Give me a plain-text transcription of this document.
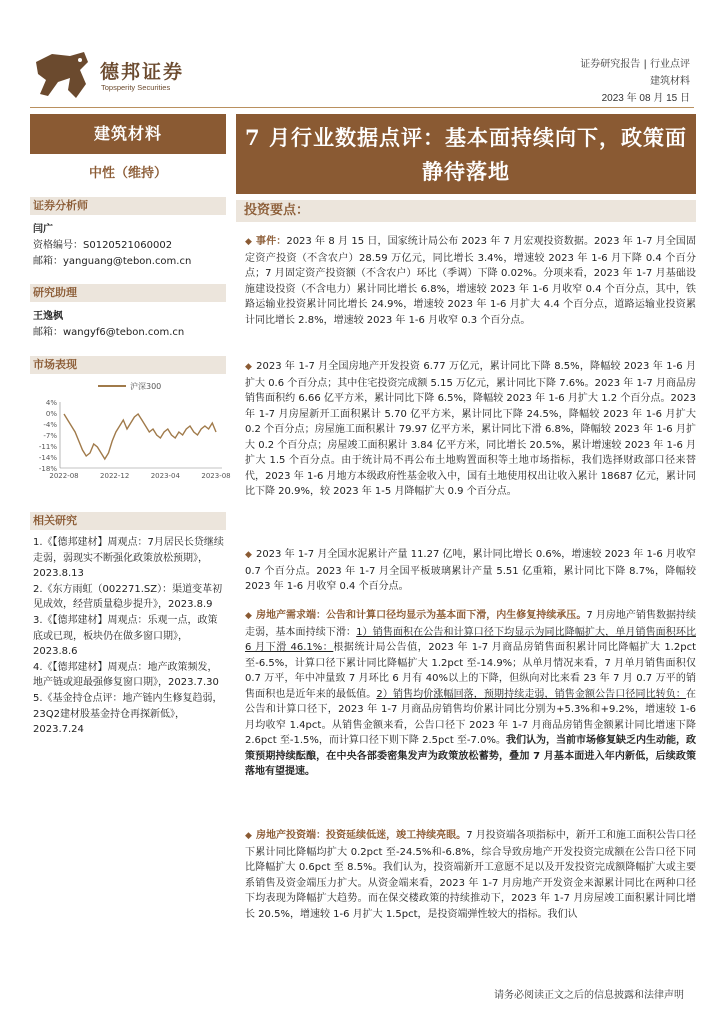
德邦证券
Topsperity Securities
证券研究报告 | 行业点评
建筑材料
2023 年 08 月 15 日
建筑材料
中性（维持）
证券分析师
闫广
资格编号：S0120521060002
邮箱：yanguang@tebon.com.cn
研究助理
王逸枫
邮箱：wangyf6@tebon.com.cn
市场表现
沪深300
4%
0%
-4%
-7%
-11%
-14%
-18%
2022-08	2022-12	2023-04	2023-08
相关研究
1.《【德邦建材】周观点：7月居民长贷继续走弱，弱现实不断强化政策放松预期》，2023.8.13
2.《东方雨虹（002271.SZ）：渠道变革初见成效，经营质量稳步提升》，2023.8.9
3.《【德邦建材】周观点：乐观一点，政策底或已现，板块仍在做多窗口期》，2023.8.6
4.《【德邦建材】周观点：地产政策频发，地产链或迎最强修复窗口期》，2023.7.30
5.《基金持仓点评：地产链内生修复趋弱，23Q2建材股基金持仓再探新低》，2023.7.24
7 月行业数据点评：基本面持续向下，政策面静待落地
投资要点：
◆ 事件：2023 年 8 月 15 日，国家统计局公布 2023 年 7 月宏观投资数据。2023 年 1-7 月全国固定资产投资（不含农户）28.59 万亿元，同比增长 3.4%，增速较 2023 年 1-6 月下降 0.4 个百分点；7 月固定资产投资额（不含农户）环比（季调）下降 0.02%。分项来看，2023 年 1-7 月基础设施建设投资（不含电力）累计同比增长 6.8%，增速较 2023 年 1-6 月收窄 0.4 个百分点，其中，铁路运输业投资累计同比增长 24.9%，增速较 2023 年 1-6 月扩大 4.4 个百分点，道路运输业投资累计同比增长 2.8%，增速较 2023 年 1-6 月收窄 0.3 个百分点。
◆ 2023 年 1-7 月全国房地产开发投资 6.77 万亿元，累计同比下降 8.5%，降幅较 2023 年 1-6 月扩大 0.6 个百分点；其中住宅投资完成额 5.15 万亿元，累计同比下降 7.6%。2023 年 1-7 月商品房销售面积约 6.66 亿平方米，累计同比下降 6.5%，降幅较 2023 年 1-6 月扩大 1.2 个百分点。2023 年 1-7 月房屋新开工面积累计 5.70 亿平方米，累计同比下降 24.5%，降幅较 2023 年 1-6 月扩大 0.2 个百分点；房屋施工面积累计 79.97 亿平方米，累计同比下滑 6.8%，降幅较 2023 年 1-6 月扩大 0.2 个百分点；房屋竣工面积累计 3.84 亿平方米，同比增长 20.5%，累计增速较 2023 年 1-6 月扩大 1.5 个百分点。由于统计局不再公布土地购置面积等土地市场指标，我们选择财政部口径来替代，2023 年 1-6 月地方本级政府性基金收入中，国有土地使用权出让收入累计 18687 亿元，累计同比下降 20.9%，较 2023 年 1-5 月降幅扩大 0.9 个百分点。
◆ 2023 年 1-7 月全国水泥累计产量 11.27 亿吨，累计同比增长 0.6%，增速较 2023 年 1-6 月收窄 0.7 个百分点。2023 年 1-7 月全国平板玻璃累计产量 5.51 亿重箱，累计同比下降 8.7%，降幅较 2023 年 1-6 月收窄 0.4 个百分点。
◆ 房地产需求端：公告和计算口径均显示为基本面下滑，内生修复持续承压。7 月房地产销售数据持续走弱，基本面持续下滑：1）销售面积在公告和计算口径下均显示为同比降幅扩大，单月销售面积环比 6 月下滑 46.1%：根据统计局公告值，2023 年 1-7 月商品房销售面积累计同比降幅扩大 1.2pct 至-6.5%，计算口径下累计同比降幅扩大 1.2pct 至-14.9%；从单月情况来看，7 月单月销售面积仅 0.7 万平，年中冲量致 7 月环比 6 月有 40%以上的下降，但纵向对比来看 23 年 7 月 0.7 万平的销售面积也是近年来的最低值。2）销售均价涨幅回落，预期持续走弱，销售金额公告口径同比转负：在公告和计算口径下，2023 年 1-7 月商品房销售均价累计同比分别为+5.3%和+9.2%，增速较 1-6 月均收窄 1.4pct。从销售金额来看，公告口径下 2023 年 1-7 月商品房销售金额累计同比增速下降 2.6pct 至-1.5%，而计算口径下则下降 2.5pct 至-7.0%。我们认为，当前市场修复缺乏内生动能，政策预期持续酝酿，在中央各部委密集发声为政策放松蓄势，叠加 7 月基本面进入年内新低，后续政策落地有望提速。
◆ 房地产投资端：投资延续低迷，竣工持续亮眼。7 月投资端各项指标中，新开工和施工面积公告口径下累计同比降幅均扩大 0.2pct 至-24.5%和-6.8%，综合导致房地产开发投资完成额在公告口径下同比降幅扩大 0.6pct 至 8.5%。我们认为，投资端新开工意愿不足以及开发投资完成额降幅扩大或主要系销售及资金端压力扩大。从资金端来看，2023 年 1-7 月房地产开发资金来源累计同比在两种口径下均表现为降幅扩大趋势。而在保交楼政策的持续推动下，2023 年 1-7 月房屋竣工面积累计同比增长 20.5%，增速较 1-6 月扩大 1.5pct，是投资端弹性较大的指标。我们认
请务必阅读正文之后的信息披露和法律声明
